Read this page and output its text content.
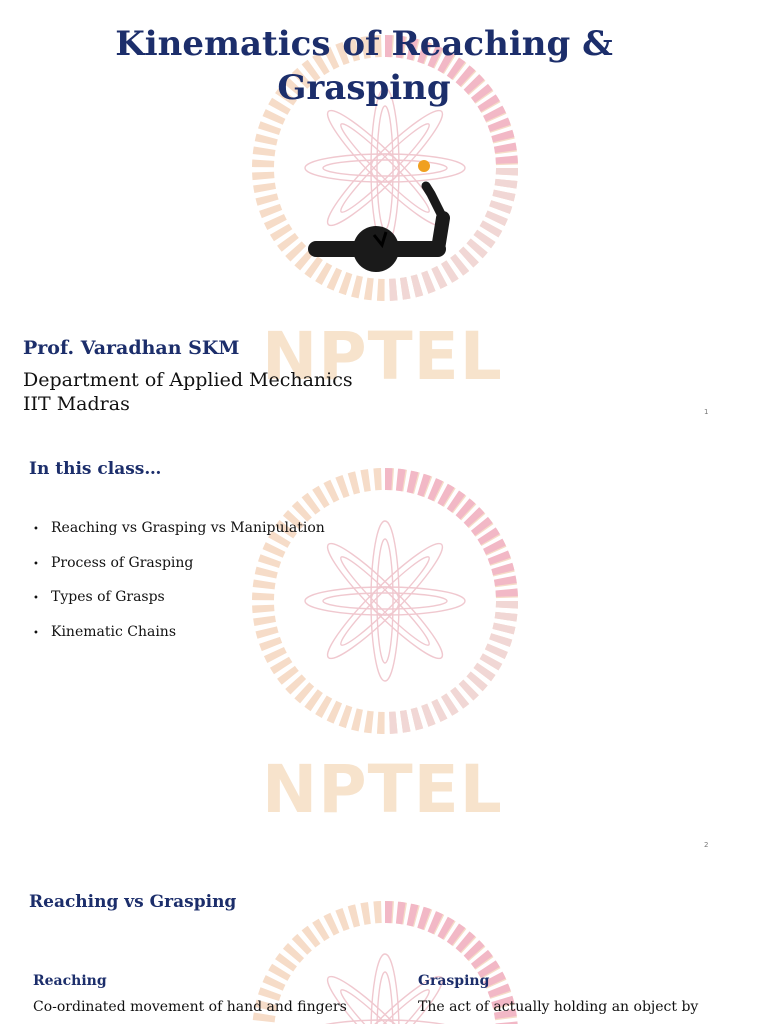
NPTEL
Kinematics of Reaching &
Grasping
Prof. Varadhan SKM
Department of Applied Mechanics
IIT Madras	1
NPTEL
In this class…
• Reaching vs Grasping vs Manipulation
• Process of Grasping
• Types of Grasps
• Kinematic Chains
2
Reaching vs Grasping
Reaching
Co-ordinated movement of hand and fingers
Grasping
The act of actually holding an object by
